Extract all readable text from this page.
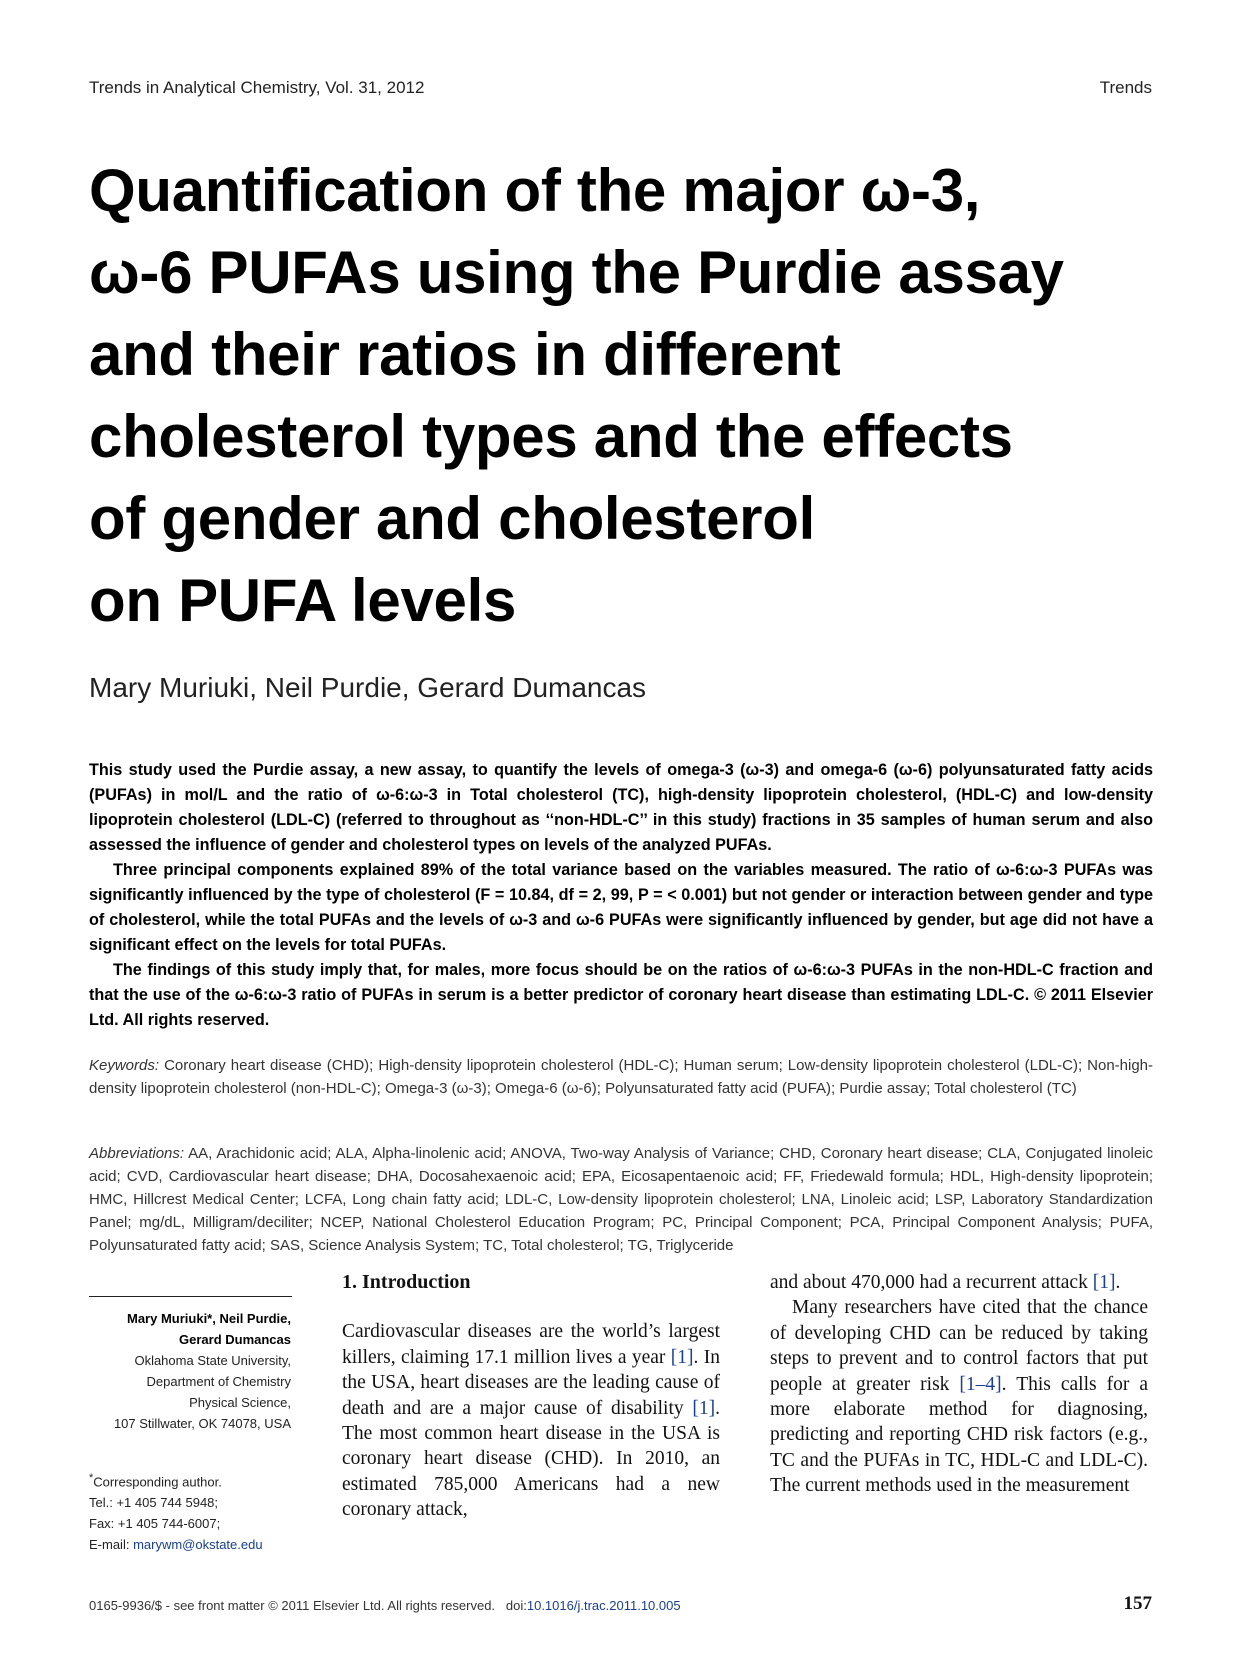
Trends in Analytical Chemistry, Vol. 31, 2012	Trends
Quantification of the major ω-3,
ω-6 PUFAs using the Purdie assay
and their ratios in different
cholesterol types and the effects
of gender and cholesterol
on PUFA levels
Mary Muriuki, Neil Purdie, Gerard Dumancas

This study used the Purdie assay, a new assay, to quantify the levels of omega-3 (ω-3) and omega-6 (ω-6) polyunsaturated fatty acids (PUFAs) in mol/L and the ratio of ω-6:ω-3 in Total cholesterol (TC), high-density lipoprotein cholesterol, (HDL-C) and low-density lipoprotein cholesterol (LDL-C) (referred to throughout as ‘‘non-HDL-C’’ in this study) fractions in 35 samples of human serum and also assessed the influence of gender and cholesterol types on levels of the analyzed PUFAs.

Three principal components explained 89% of the total variance based on the variables measured. The ratio of ω-6:ω-3 PUFAs was significantly influenced by the type of cholesterol (F = 10.84, df = 2, 99, P = < 0.001) but not gender or interaction between gender and type of cholesterol, while the total PUFAs and the levels of ω-3 and ω-6 PUFAs were significantly influenced by gender, but age did not have a significant effect on the levels for total PUFAs.

The findings of this study imply that, for males, more focus should be on the ratios of ω-6:ω-3 PUFAs in the non-HDL-C fraction and that the use of the ω-6:ω-3 ratio of PUFAs in serum is a better predictor of coronary heart disease than estimating LDL-C. © 2011 Elsevier Ltd. All rights reserved.

Keywords: Coronary heart disease (CHD); High-density lipoprotein cholesterol (HDL-C); Human serum; Low-density lipoprotein cholesterol (LDL-C); Non-high-density lipoprotein cholesterol (non-HDL-C); Omega-3 (ω-3); Omega-6 (ω-6); Polyunsaturated fatty acid (PUFA); Purdie assay; Total cholesterol (TC)
Abbreviations: AA, Arachidonic acid; ALA, Alpha-linolenic acid; ANOVA, Two-way Analysis of Variance; CHD, Coronary heart disease; CLA, Conjugated linoleic acid; CVD, Cardiovascular heart disease; DHA, Docosahexaenoic acid; EPA, Eicosapentaenoic acid; FF, Friedewald formula; HDL, High-density lipoprotein; HMC, Hillcrest Medical Center; LCFA, Long chain fatty acid; LDL-C, Low-density lipoprotein cholesterol; LNA, Linoleic acid; LSP, Laboratory Standardization Panel; mg/dL, Milligram/deciliter; NCEP, National Cholesterol Education Program; PC, Principal Component; PCA, Principal Component Analysis; PUFA, Polyunsaturated fatty acid; SAS, Science Analysis System; TC, Total cholesterol; TG, Triglyceride
Mary Muriuki*, Neil Purdie,
Gerard Dumancas
Oklahoma State University,
Department of Chemistry
Physical Science,
107 Stillwater, OK 74078, USA
*Corresponding author.
Tel.: +1 405 744 5948;
Fax: +1 405 744-6007;
E-mail: marywm@okstate.edu
1. Introduction

Cardiovascular diseases are the world’s largest killers, claiming 17.1 million lives a year [1]. In the USA, heart diseases are the leading cause of death and are a major cause of disability [1]. The most common heart disease in the USA is coronary heart disease (CHD). In 2010, an estimated 785,000 Americans had a new coronary attack,

and about 470,000 had a recurrent attack [1].

Many researchers have cited that the chance of developing CHD can be reduced by taking steps to prevent and to control factors that put people at greater risk [1–4]. This calls for a more elaborate method for diagnosing, predicting and reporting CHD risk factors (e.g., TC and the PUFAs in TC, HDL-C and LDL-C). The current methods used in the measurement

0165-9936/$ - see front matter © 2011 Elsevier Ltd. All rights reserved. doi:10.1016/j.trac.2011.10.005	157
